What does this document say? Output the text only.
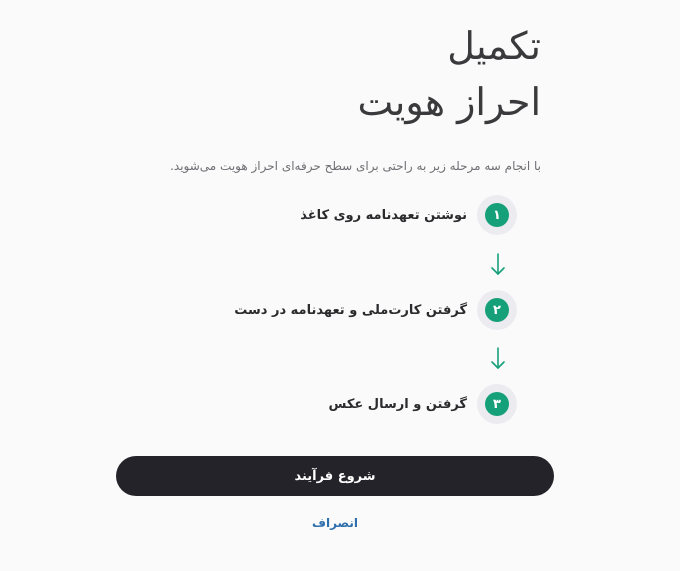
تکمیل
احراز هویت

با انجام سه مرحله زیر به راحتی برای سطح حرفه‌ای احراز هویت می‌شوید.

۱
نوشتن تعهدنامه روی کاغذ
۲
گرفتن کارت‌ملی و تعهدنامه در دست
۳
گرفتن و ارسال عکس
شروع فرآیند
انصراف
